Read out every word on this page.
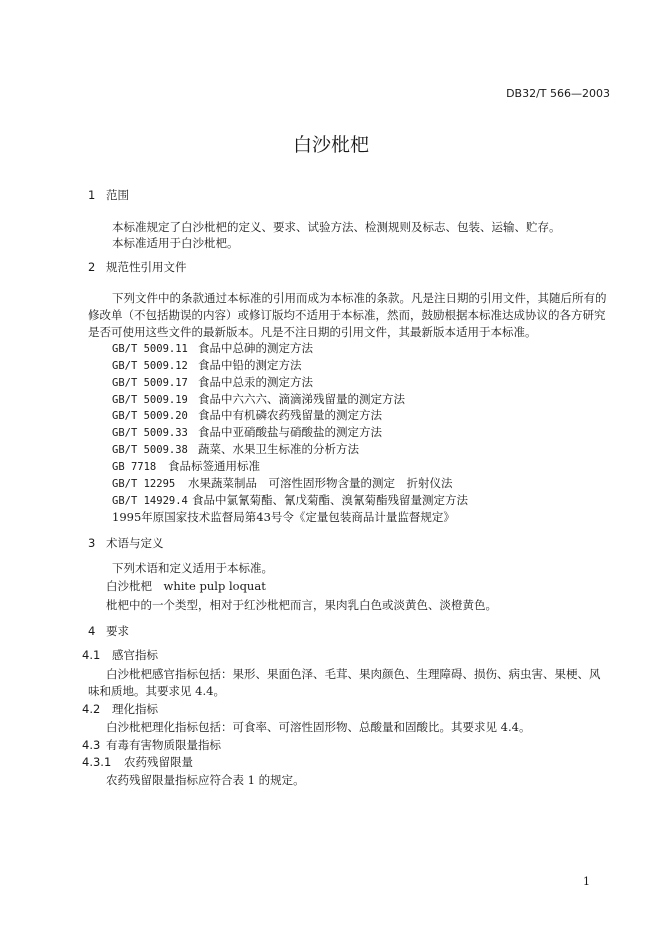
DB32/T 566—2003
白沙枇杷
1 范围
本标准规定了白沙枇杷的定义、要求、试验方法、检测规则及标志、包装、运输、贮存。
本标准适用于白沙枇杷。
2 规范性引用文件
下列文件中的条款通过本标准的引用而成为本标准的条款。凡是注日期的引用文件，其随后所有的
修改单（不包括勘误的内容）或修订版均不适用于本标准，然而，鼓励根据本标准达成协议的各方研究
是否可使用这些文件的最新版本。凡是不注日期的引用文件，其最新版本适用于本标准。
GB/T 5009.11 食品中总砷的测定方法
GB/T 5009.12 食品中铅的测定方法
GB/T 5009.17 食品中总汞的测定方法
GB/T 5009.19 食品中六六六、滴滴涕残留量的测定方法
GB/T 5009.20 食品中有机磷农药残留量的测定方法
GB/T 5009.33 食品中亚硝酸盐与硝酸盐的测定方法
GB/T 5009.38 蔬菜、水果卫生标准的分析方法
GB 7718 食品标签通用标准
GB/T 12295 水果蔬菜制品　可溶性固形物含量的测定　折射仪法
GB/T 14929.4 食品中氯氰菊酯、氰戊菊酯、溴氰菊酯残留量测定方法
1995年原国家技术监督局第43号令《定量包装商品计量监督规定》
3 术语与定义
下列术语和定义适用于本标准。
白沙枇杷　white pulp loquat
枇杷中的一个类型，相对于红沙枇杷而言，果肉乳白色或淡黄色、淡橙黄色。
4 要求
4.1 感官指标
白沙枇杷感官指标包括：果形、果面色泽、毛茸、果肉颜色、生理障碍、损伤、病虫害、果梗、风
味和质地。其要求见 4.4。
4.2 理化指标
白沙枇杷理化指标包括：可食率、可溶性固形物、总酸量和固酸比。其要求见 4.4。
4.3 有毒有害物质限量指标
4.3.1 农药残留限量
农药残留限量指标应符合表 1 的规定。
1
